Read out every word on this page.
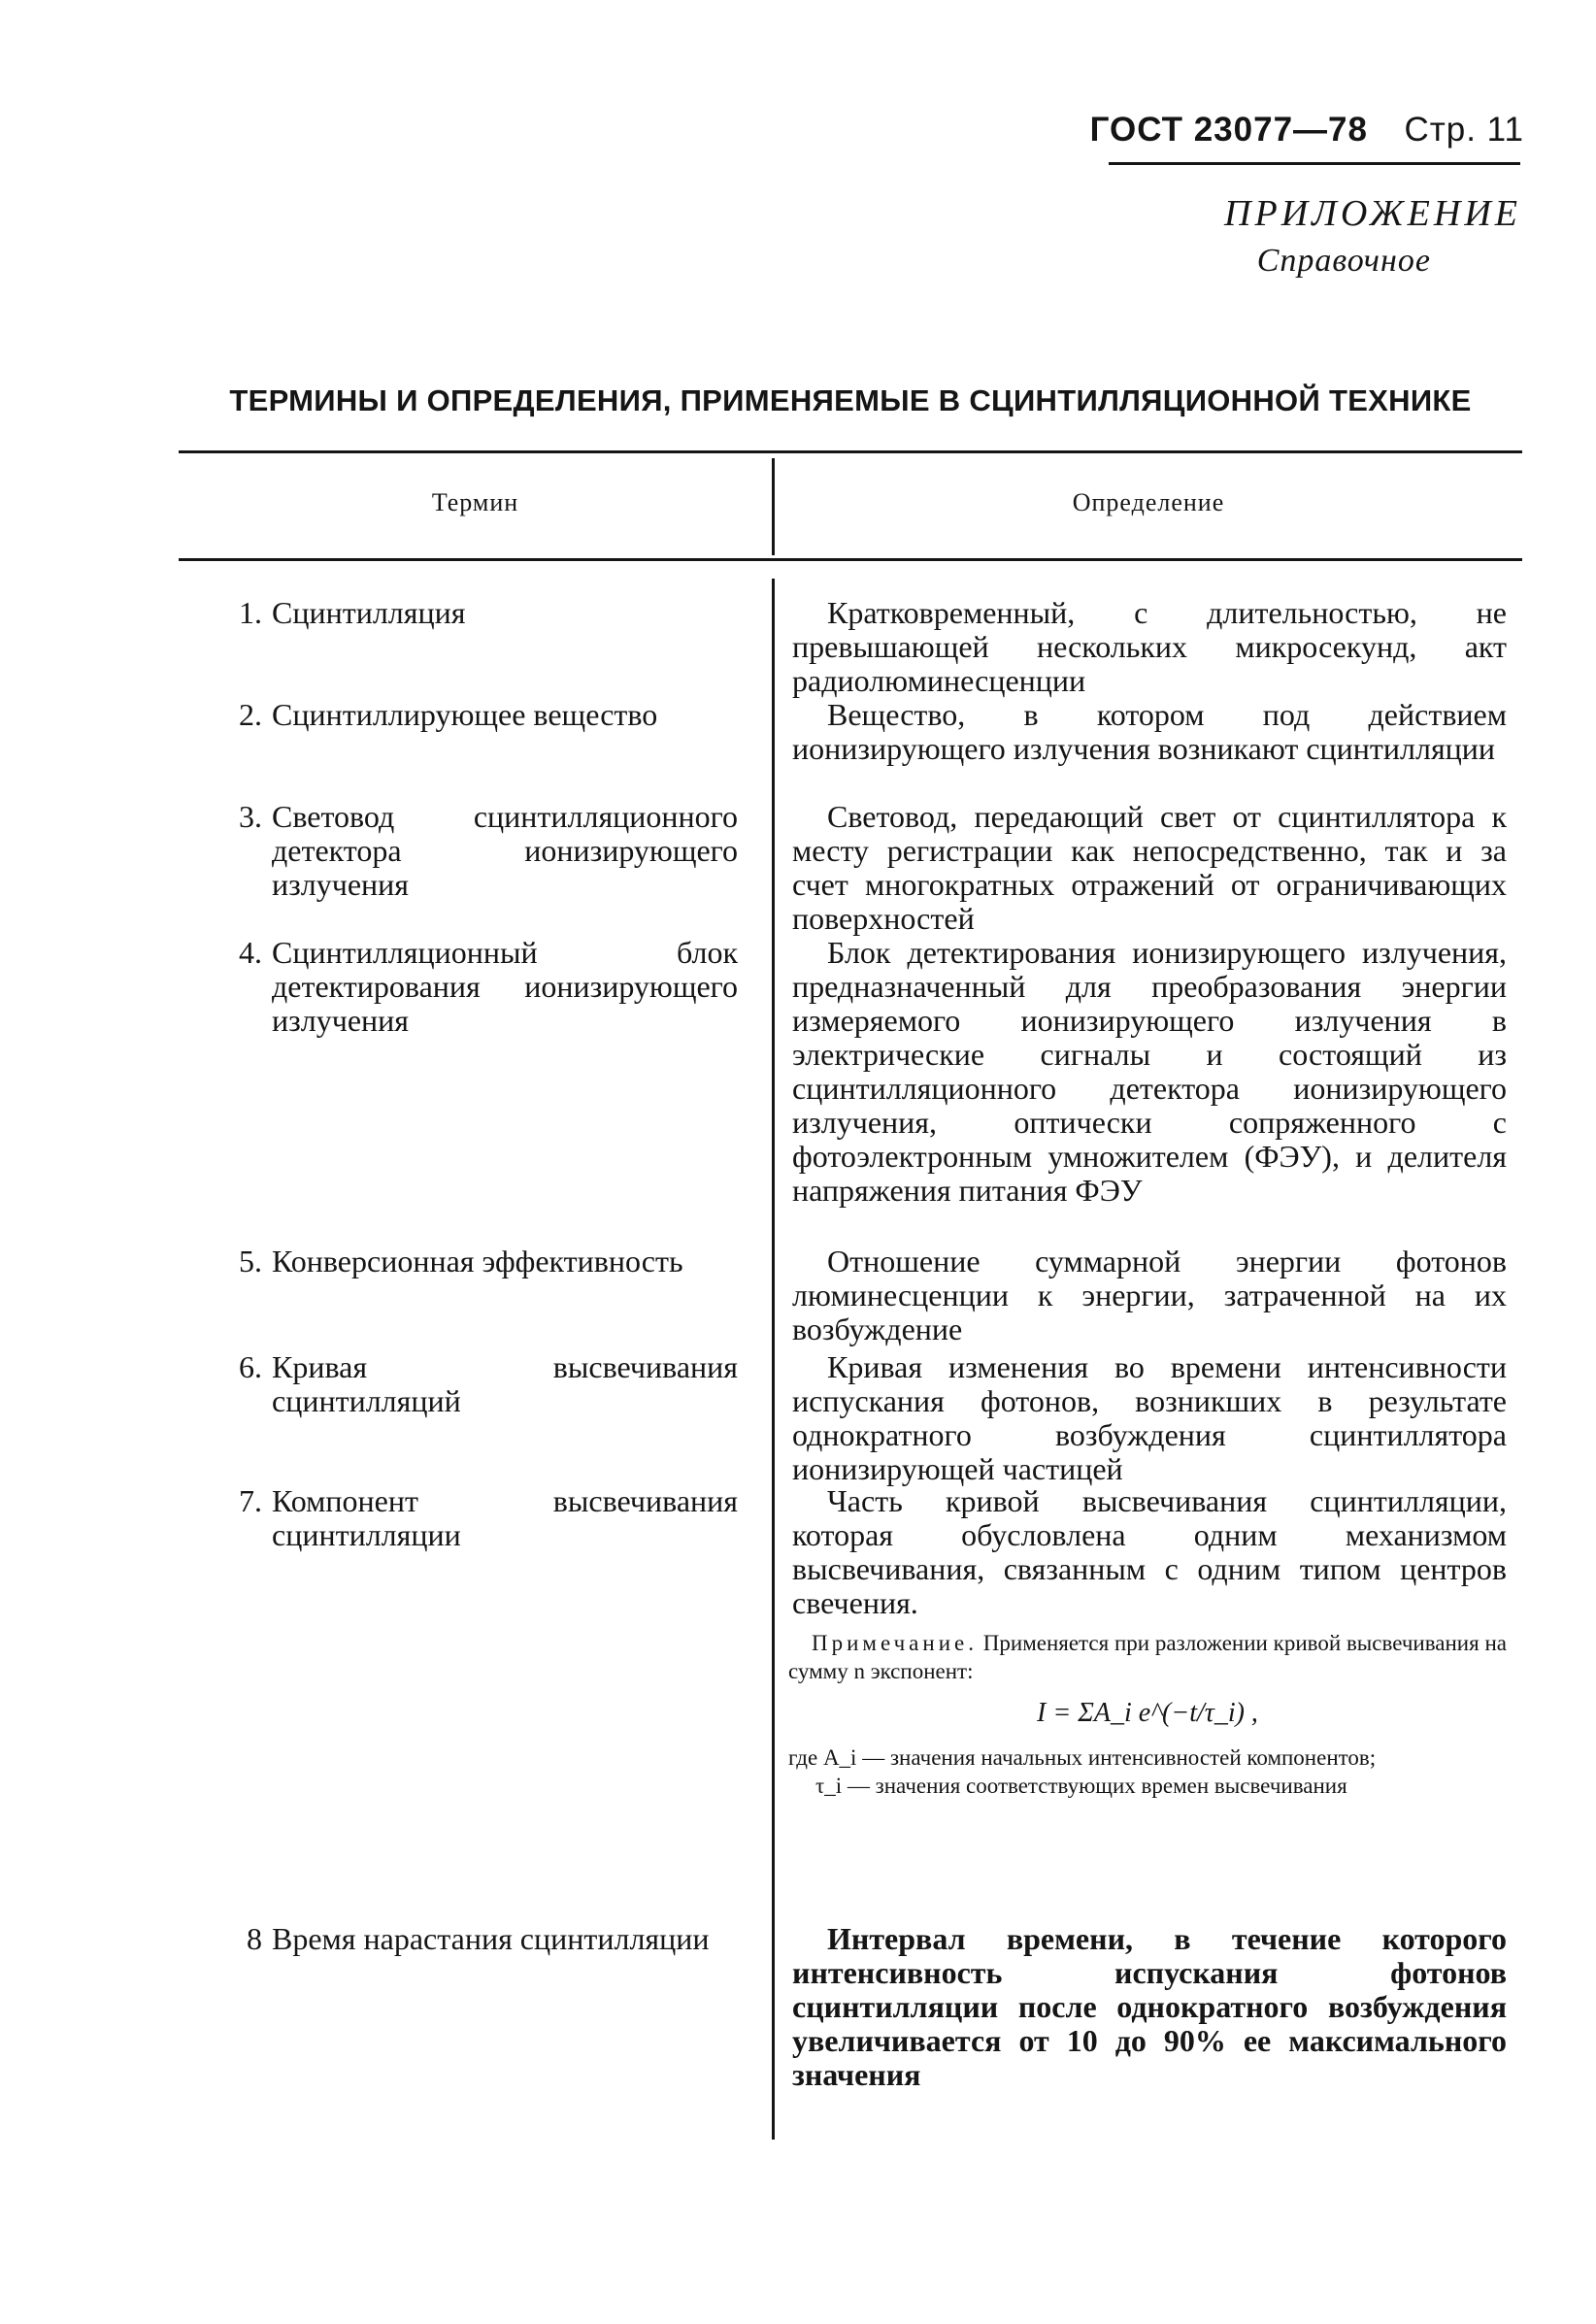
ГОСТ 23077—78 Стр. 11
ПРИЛОЖЕНИЕ
Справочное
ТЕРМИНЫ И ОПРЕДЕЛЕНИЯ, ПРИМЕНЯЕМЫЕ В СЦИНТИЛЛЯЦИОННОЙ ТЕХНИКЕ
Термин	Определение
1. Сцинтилляция
2. Сцинтиллирующее вещество
3. Световод сцинтилляционного детектора ионизирующего излучения
4. Сцинтилляционный блок детектирования ионизирующего излучения
5. Конверсионная эффективность
6. Кривая высвечивания сцинтилляций
7. Компонент высвечивания сцинтилляции
8 Время нарастания сцинтилляции
Кратковременный, с длительностью, не превышающей нескольких микросекунд, акт радиолюминесценции
Вещество, в котором под действием ионизирующего излучения возникают сцинтилляции
Световод, передающий свет от сцинтиллятора к месту регистрации как непосредственно, так и за счет многократных отражений от ограничивающих поверхностей
Блок детектирования ионизирующего излучения, предназначенный для преобразования энергии измеряемого ионизирующего излучения в электрические сигналы и состоящий из сцинтилляционного детектора ионизирующего излучения, оптически сопряженного с фотоэлектронным умножителем (ФЭУ), и делителя напряжения питания ФЭУ
Отношение суммарной энергии фотонов люминесценции к энергии, затраченной на их возбуждение
Кривая изменения во времени интенсивности испускания фотонов, возникших в результате однократного возбуждения сцинтиллятора ионизирующей частицей
Часть кривой высвечивания сцинтилляции, которая обусловлена одним механизмом высвечивания, связанным с одним типом центров свечения.
Интервал времени, в течение которого интенсивность испускания фотонов сцинтилляции после однократного возбуждения увеличивается от 10 до 90% ее максимального значения
Примечание. Применяется при разложении кривой высвечивания на сумму n экспонент:
I = ΣA_i e^(−t/τ_i) ,
где A_i — значения начальных интенсивностей компонентов;
τ_i — значения соответствующих времен высвечивания
